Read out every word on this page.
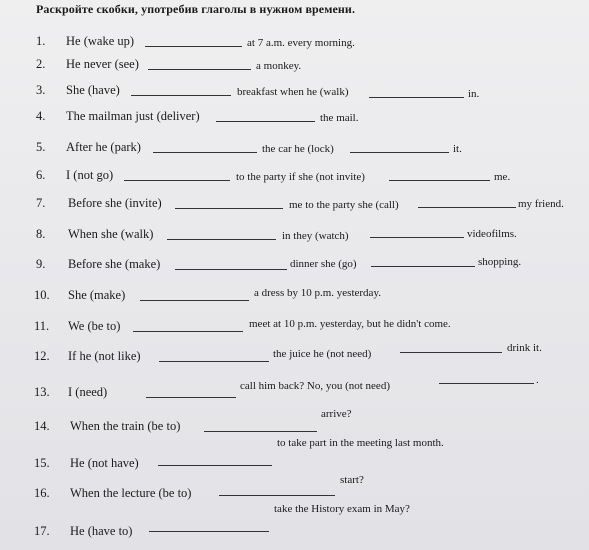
Раскройте скобки, употребив глаголы в нужном времени.
1. He (wake up)	at 7 a.m. every morning.
2. He never (see)	a monkey.
3. She (have)	breakfast when he (walk)	in.
4. The mailman just (deliver)	the mail.
5. After he (park)	the car he (lock)	it.
6. I (not go)	to the party if she (not invite)	me.
7. Before she (invite)	me to the party she (call)	my friend.
8. When she (walk)	in they (watch)	videofilms.
9. Before she (make)	dinner she (go)	shopping.
10. She (make)	a dress by 10 p.m. yesterday.
11. We (be to)	meet at 10 p.m. yesterday, but he didn't come.
12. If he (not like)	the juice he (not need)	drink it.
13. I (need)	call him back? No, you (not need)	.
14. When the train (be to)
arrive?
15. He (not have)
to take part in the meeting last month.
16. When the lecture (be to)
start?
17. He (have to)
take the History exam in May?
